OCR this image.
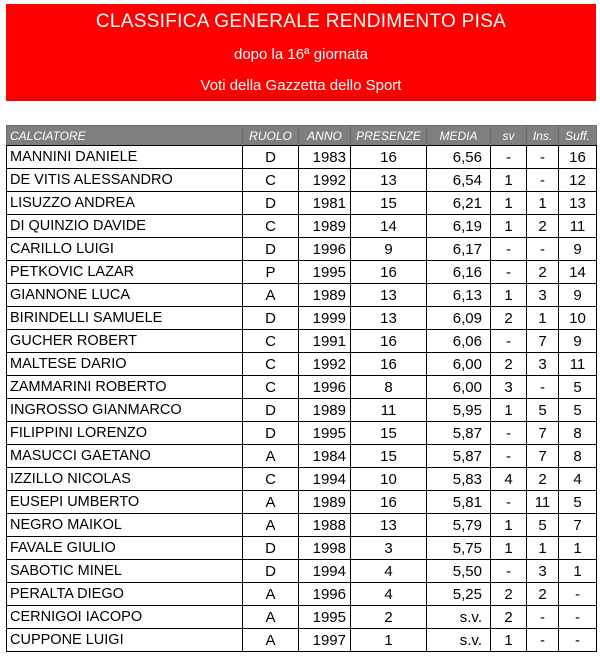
CLASSIFICA GENERALE RENDIMENTO PISA
dopo la 16ª giornata
Voti della Gazzetta dello Sport
CALCIATORE	RUOLO	ANNO	PRESENZE	MEDIA	sv	Ins.	Suff.
MANNINI DANIELE	D	1983	16	6,56	-	-	16
DE VITIS ALESSANDRO	C	1992	13	6,54	1	-	12
LISUZZO ANDREA	D	1981	15	6,21	1	1	13
DI QUINZIO DAVIDE	C	1989	14	6,19	1	2	11
CARILLO LUIGI	D	1996	9	6,17	-	-	9
PETKOVIC LAZAR	P	1995	16	6,16	-	2	14
GIANNONE LUCA	A	1989	13	6,13	1	3	9
BIRINDELLI SAMUELE	D	1999	13	6,09	2	1	10
GUCHER ROBERT	C	1991	16	6,06	-	7	9
MALTESE DARIO	C	1992	16	6,00	2	3	11
ZAMMARINI ROBERTO	C	1996	8	6,00	3	-	5
INGROSSO GIANMARCO	D	1989	11	5,95	1	5	5
FILIPPINI LORENZO	D	1995	15	5,87	-	7	8
MASUCCI GAETANO	A	1984	15	5,87	-	7	8
IZZILLO NICOLAS	C	1994	10	5,83	4	2	4
EUSEPI UMBERTO	A	1989	16	5,81	-	11	5
NEGRO MAIKOL	A	1988	13	5,79	1	5	7
FAVALE GIULIO	D	1998	3	5,75	1	1	1
SABOTIC MINEL	D	1994	4	5,50	-	3	1
PERALTA DIEGO	A	1996	4	5,25	2	2	-
CERNIGOI IACOPO	A	1995	2	s.v.	2	-	-
CUPPONE LUIGI	A	1997	1	s.v.	1	-	-
